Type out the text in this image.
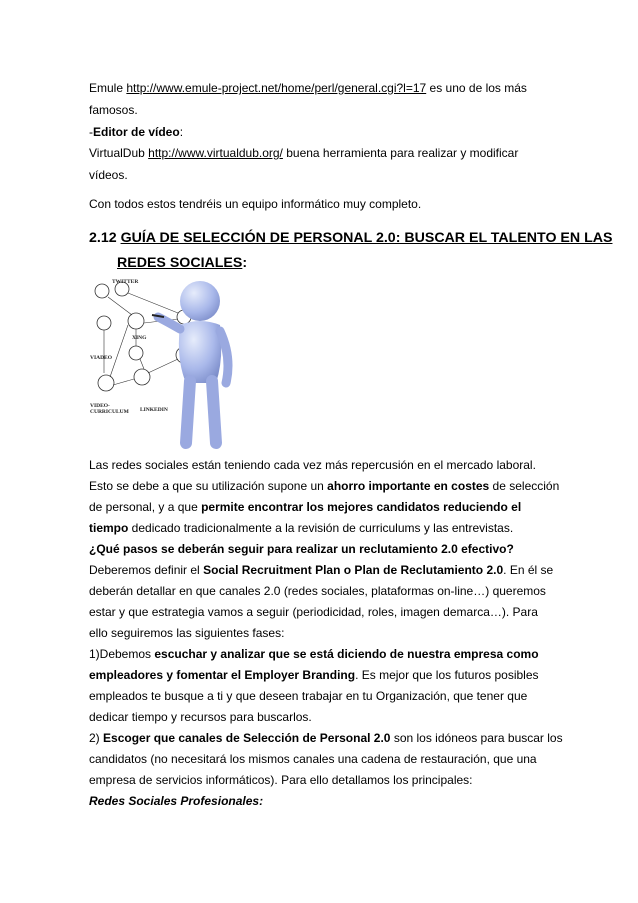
Emule http://www.emule-project.net/home/perl/general.cgi?l=17 es uno de los más
famosos.
-Editor de vídeo:
VirtualDub http://www.virtualdub.org/ buena herramienta para realizar y modificar
vídeos.
Con todos estos tendréis un equipo informático muy completo.
2.12 GUÍA DE SELECCIÓN DE PERSONAL 2.0: BUSCAR EL TALENTO EN LAS
REDES SOCIALES:
TWITTER
XING
VIADEO
VIDEO-
CURRICULUM LINKEDIN
Las redes sociales están teniendo cada vez más repercusión en el mercado laboral.
Esto se debe a que su utilización supone un ahorro importante en costes de selección
de personal, y a que permite encontrar los mejores candidatos reduciendo el
tiempo dedicado tradicionalmente a la revisión de curriculums y las entrevistas.
¿Qué pasos se deberán seguir para realizar un reclutamiento 2.0 efectivo?
Deberemos definir el Social Recruitment Plan o Plan de Reclutamiento 2.0. En él se
deberán detallar en que canales 2.0 (redes sociales, plataformas on-line…) queremos
estar y que estrategia vamos a seguir (periodicidad, roles, imagen demarca…). Para
ello seguiremos las siguientes fases:
1)Debemos escuchar y analizar que se está diciendo de nuestra empresa como
empleadores y fomentar el Employer Branding. Es mejor que los futuros posibles
empleados te busque a ti y que deseen trabajar en tu Organización, que tener que
dedicar tiempo y recursos para buscarlos.
2) Escoger que canales de Selección de Personal 2.0 son los idóneos para buscar los
candidatos (no necesitará los mismos canales una cadena de restauración, que una
empresa de servicios informáticos). Para ello detallamos los principales:
Redes Sociales Profesionales:
